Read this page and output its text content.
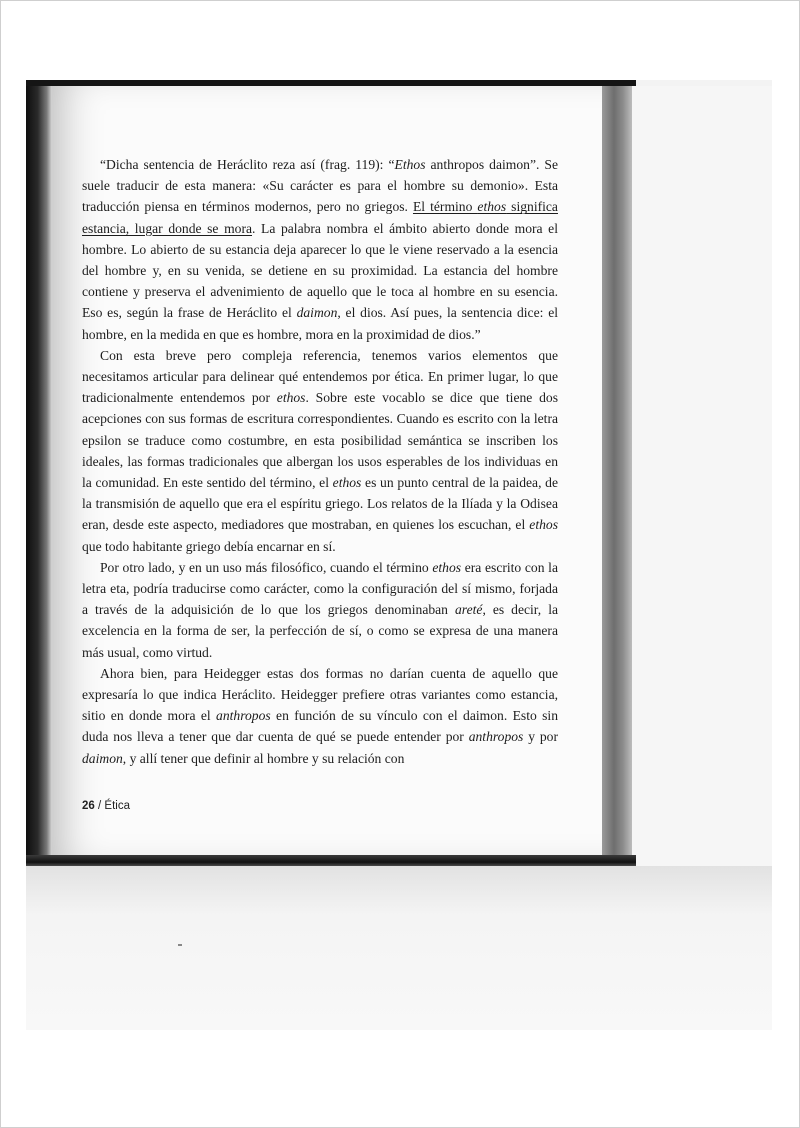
“Dicha sentencia de Heráclito reza así (frag. 119): “Ethos anthropos daimon”. Se suele traducir de esta manera: «Su carácter es para el hombre su demonio». Esta traducción piensa en términos modernos, pero no griegos. El término ethos significa estancia, lugar donde se mora. La palabra nombra el ámbito abierto donde mora el hombre. Lo abierto de su estancia deja aparecer lo que le viene reservado a la esencia del hombre y, en su venida, se detiene en su proximidad. La estancia del hombre contiene y preserva el advenimiento de aquello que le toca al hombre en su esencia. Eso es, según la frase de Heráclito el daimon, el dios. Así pues, la sentencia dice: el hombre, en la medida en que es hombre, mora en la proximidad de dios.”

Con esta breve pero compleja referencia, tenemos varios elementos que necesitamos articular para delinear qué entendemos por ética. En primer lugar, lo que tradicionalmente entendemos por ethos. Sobre este vocablo se dice que tiene dos acepciones con sus formas de escritura correspondientes. Cuando es escrito con la letra epsilon se traduce como costumbre, en esta posibilidad semántica se inscriben los ideales, las formas tradicionales que albergan los usos esperables de los individuas en la comunidad. En este sentido del término, el ethos es un punto central de la paidea, de la transmisión de aquello que era el espíritu griego. Los relatos de la Ilíada y la Odisea eran, desde este aspecto, mediadores que mostraban, en quienes los escuchan, el ethos que todo habitante griego debía encarnar en sí.

Por otro lado, y en un uso más filosófico, cuando el término ethos era escrito con la letra eta, podría traducirse como carácter, como la configuración del sí mismo, forjada a través de la adquisición de lo que los griegos denominaban areté, es decir, la excelencia en la forma de ser, la perfección de sí, o como se expresa de una manera más usual, como virtud.

Ahora bien, para Heidegger estas dos formas no darían cuenta de aquello que expresaría lo que indica Heráclito. Heidegger prefiere otras variantes como estancia, sitio en donde mora el anthropos en función de su vínculo con el daimon. Esto sin duda nos lleva a tener que dar cuenta de qué se puede entender por anthropos y por daimon, y allí tener que definir al hombre y su relación con

26 / Ética
